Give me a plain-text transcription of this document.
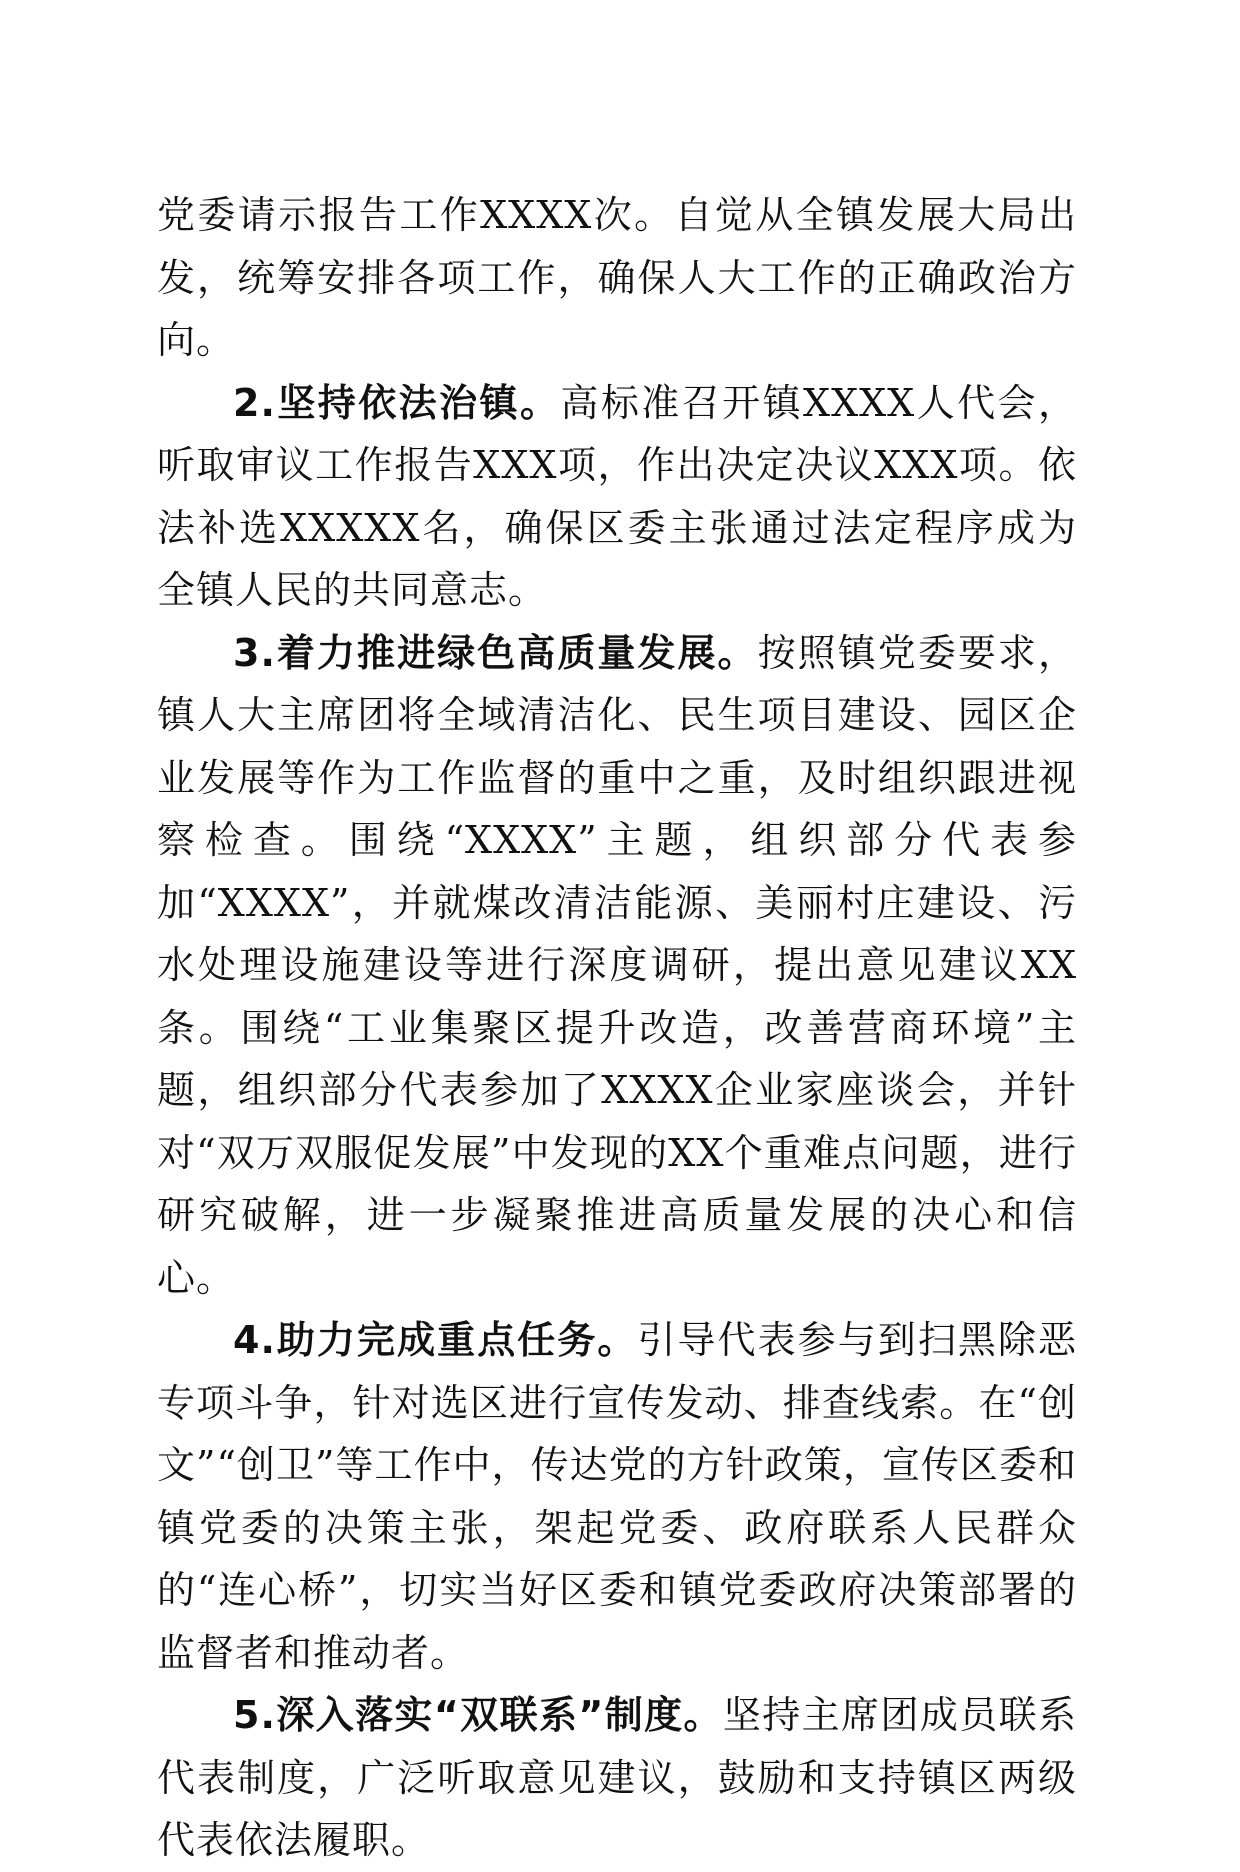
党委请示报告工作XXXX次。自觉从全镇发展大局出发，统筹安排各项工作，确保人大工作的正确政治方向。

2.坚持依法治镇。高标准召开镇XXXX人代会，听取审议工作报告XXX项，作出决定决议XXX项。依法补选XXXXX名，确保区委主张通过法定程序成为全镇人民的共同意志。

3.着力推进绿色高质量发展。按照镇党委要求，镇人大主席团将全域清洁化、民生项目建设、园区企业发展等作为工作监督的重中之重，及时组织跟进视察检查。围绕“XXXX”主题，组织部分代表参加“XXXX”，并就煤改清洁能源、美丽村庄建设、污水处理设施建设等进行深度调研，提出意见建议XX条。围绕“工业集聚区提升改造，改善营商环境”主题，组织部分代表参加了XXXX企业家座谈会，并针对“双万双服促发展”中发现的XX个重难点问题，进行研究破解，进一步凝聚推进高质量发展的决心和信心。

4.助力完成重点任务。引导代表参与到扫黑除恶专项斗争，针对选区进行宣传发动、排查线索。在“创文”“创卫”等工作中，传达党的方针政策，宣传区委和镇党委的决策主张，架起党委、政府联系人民群众的“连心桥”，切实当好区委和镇党委政府决策部署的监督者和推动者。

5.深入落实“双联系”制度。坚持主席团成员联系代表制度，广泛听取意见建议，鼓励和支持镇区两级代表依法履职。
